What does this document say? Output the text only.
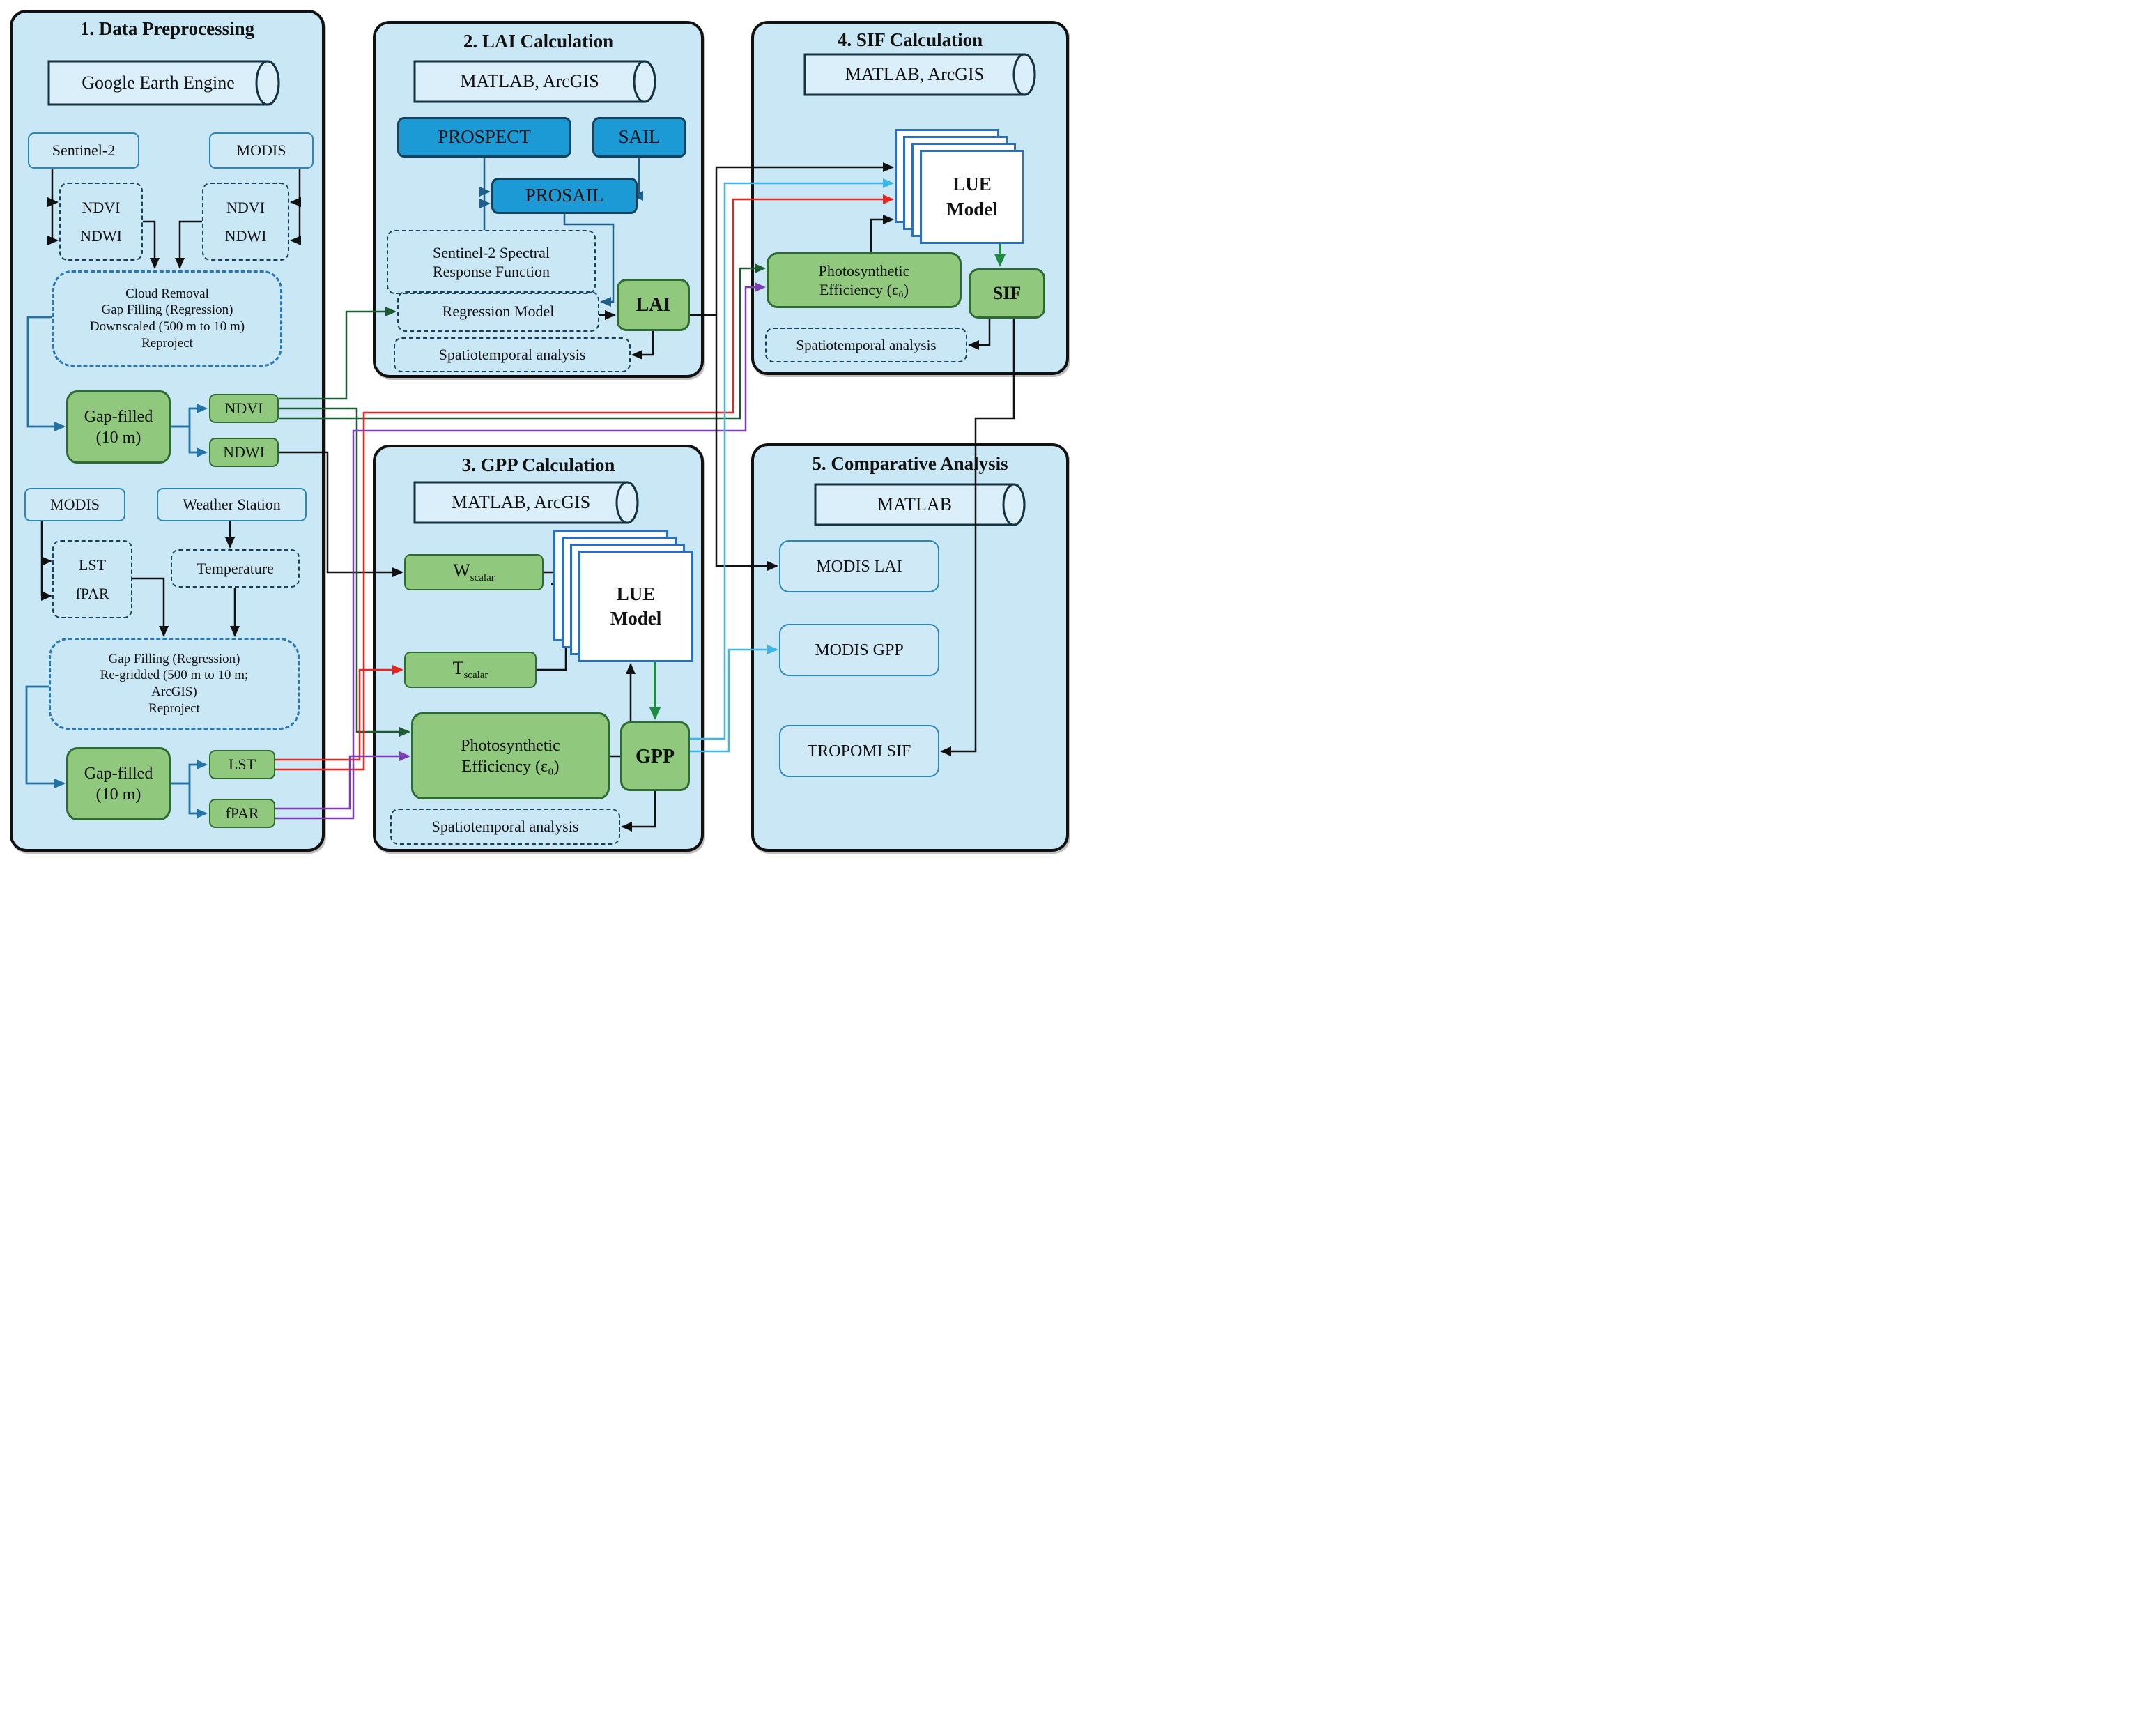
1. Data Preprocessing
Google Earth Engine
Sentinel-2	MODIS
NDVI
NDWI
NDVI
NDWI
Cloud Removal
Gap Filling (Regression)
Downscaled (500 m to 10 m)
Reproject
Gap-filled
(10 m)
NDVI
NDWI
MODIS	Weather Station
LST
fPAR
Temperature
Gap Filling (Regression)
Re-gridded (500 m to 10 m;
ArcGIS)
Reproject
Gap-filled
(10 m)
LST
fPAR
2. LAI Calculation
MATLAB, ArcGIS
PROSPECT	SAIL
PROSAIL
Sentinel-2 Spectral
Response Function
Regression Model	LAI
Spatiotemporal analysis
3. GPP Calculation
MATLAB, ArcGIS
$W_{scalar}$
LUE
Model
$T_{scalar}$
Photosynthetic
Efficiency (ε₀)	GPP
Spatiotemporal analysis
4. SIF Calculation
MATLAB, ArcGIS
LUE
Model
Photosynthetic
Efficiency (ε₀)	SIF
Spatiotemporal analysis
5. Comparative Analysis
MATLAB
MODIS LAI
MODIS GPP
TROPOMI SIF
